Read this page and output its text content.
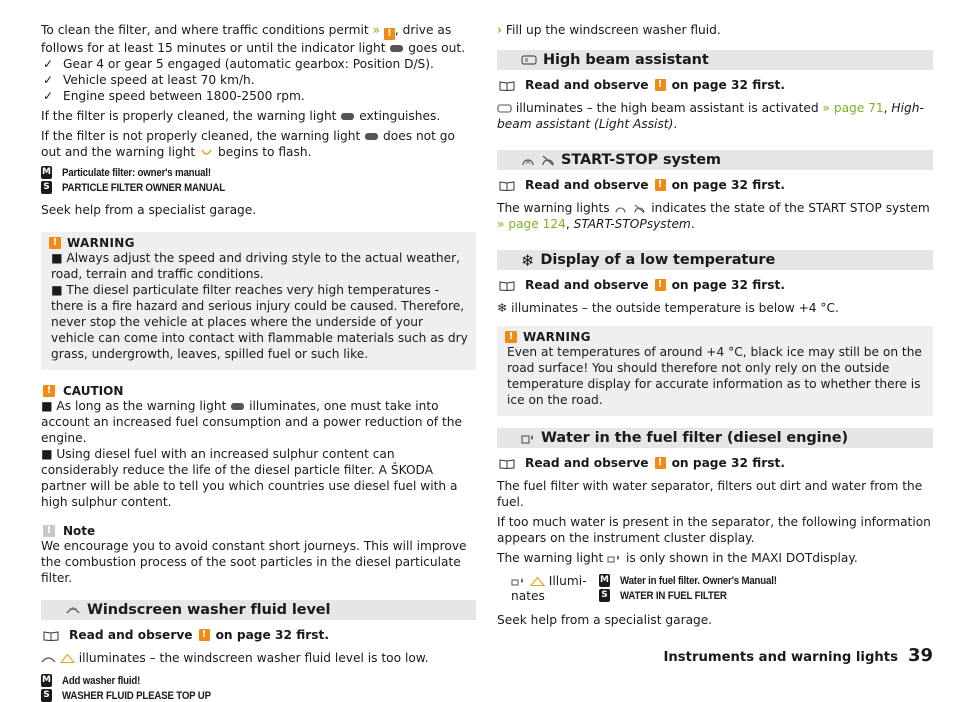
To clean the filter, and where traffic conditions permit » ! , drive as follows for at least 15 minutes or until the indicator light goes out.

✓ Gear 4 or gear 5 engaged (automatic gearbox: Position D/S).
✓ Vehicle speed at least 70 km/h.
✓ Engine speed between 1800-2500 rpm.

If the filter is properly cleaned, the warning light extinguishes.

If the filter is not properly cleaned, the warning light does not go out and the warning light begins to flash.

M Particulate filter: owner's manual!
S PARTICLE FILTER OWNER MANUAL

Seek help from a specialist garage.

! WARNING

■ Always adjust the speed and driving style to the actual weather, road, terrain and traffic conditions.

■ The diesel particulate filter reaches very high temperatures - there is a fire hazard and serious injury could be caused. Therefore, never stop the vehicle at places where the underside of your vehicle can come into contact with flammable materials such as dry grass, undergrowth, leaves, spilled fuel or such like.

! CAUTION

■ As long as the warning light illuminates, one must take into account an increased fuel consumption and a power reduction of the engine.

■ Using diesel fuel with an increased sulphur content can considerably reduce the life of the diesel particle filter. A ŠKODA partner will be able to tell you which countries use diesel fuel with a high sulphur content.

! Note

We encourage you to avoid constant short journeys. This will improve the combustion process of the soot particles in the diesel particulate filter.

Windscreen washer fluid level
Read and observe ! on page 32 first.

illuminates – the windscreen washer fluid level is too low.

M Add washer fluid!
S WASHER FLUID PLEASE TOP UP

› Fill up the windscreen washer fluid.

High beam assistant
Read and observe ! on page 32 first.

illuminates – the high beam assistant is activated » page 71, High-beam assistant (Light Assist).

A START-STOP system
Read and observe ! on page 32 first.

The warning lights
	indicates the state of the START STOP system » page 124, START-STOPsystem.

❄ Display of a low temperature
Read and observe ! on page 32 first.

❄ illuminates – the outside temperature is below +4 °C.

! WARNING

Even at temperatures of around +4 °C, black ice may still be on the road surface! You should therefore not only rely on the outside temperature display for accurate information as to whether there is ice on the road.

Water in the fuel filter (diesel engine)
Read and observe ! on page 32 first.

The fuel filter with water separator, filters out dirt and water from the fuel.

If too much water is present in the separator, the following information appears on the instrument cluster display.

The warning light is only shown in the MAXI DOTdisplay.

Illumi-
nates
M Water in fuel filter. Owner's Manual!
S WATER IN FUEL FILTER

Seek help from a specialist garage.

Instruments and warning lights 39
